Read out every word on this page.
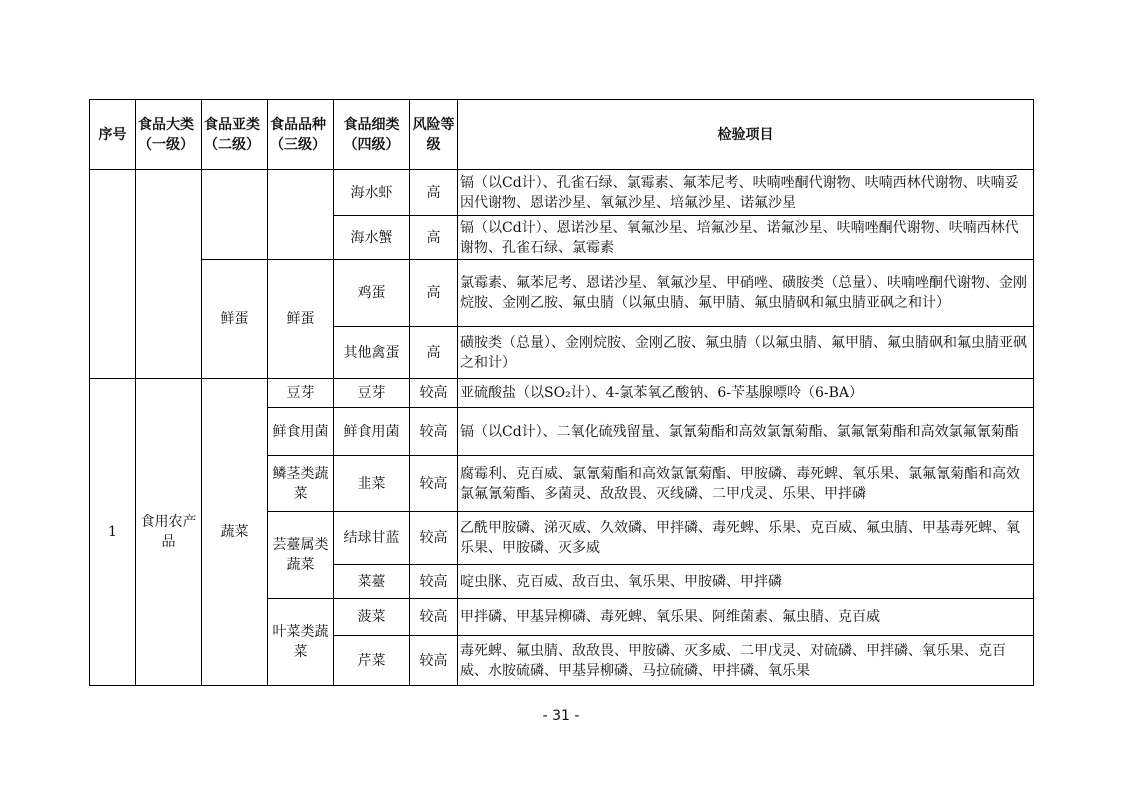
序号	食品大类（一级）	食品亚类（二级）	食品品种（三级）	食品细类（四级）	风险等级	检验项目
				海水虾	高	镉（以Cd计）、孔雀石绿、氯霉素、氟苯尼考、呋喃唑酮代谢物、呋喃西林代谢物、呋喃妥因代谢物、恩诺沙星、氧氟沙星、培氟沙星、诺氟沙星
				海水蟹	高	镉（以Cd计）、恩诺沙星、氧氟沙星、培氟沙星、诺氟沙星、呋喃唑酮代谢物、呋喃西林代谢物、孔雀石绿、氯霉素
		鲜蛋	鲜蛋	鸡蛋	高	氯霉素、氟苯尼考、恩诺沙星、氧氟沙星、甲硝唑、磺胺类（总量）、呋喃唑酮代谢物、金刚烷胺、金刚乙胺、氟虫腈（以氟虫腈、氟甲腈、氟虫腈砜和氟虫腈亚砜之和计）
				其他禽蛋	高	磺胺类（总量）、金刚烷胺、金刚乙胺、氟虫腈（以氟虫腈、氟甲腈、氟虫腈砜和氟虫腈亚砜之和计）
1	食用农产品	蔬菜	豆芽	豆芽	较高	亚硫酸盐（以SO₂计）、4-氯苯氧乙酸钠、6-苄基腺嘌呤（6-BA）
			鲜食用菌	鲜食用菌	较高	镉（以Cd计）、二氧化硫残留量、氯氰菊酯和高效氯氰菊酯、氯氟氰菊酯和高效氯氟氰菊酯
			鳞茎类蔬菜	韭菜	较高	腐霉利、克百威、氯氰菊酯和高效氯氰菊酯、甲胺磷、毒死蜱、氧乐果、氯氟氰菊酯和高效氯氟氰菊酯、多菌灵、敌敌畏、灭线磷、二甲戊灵、乐果、甲拌磷
			芸薹属类蔬菜	结球甘蓝	较高	乙酰甲胺磷、涕灭威、久效磷、甲拌磷、毒死蜱、乐果、克百威、氟虫腈、甲基毒死蜱、氧乐果、甲胺磷、灭多威
				菜薹	较高	啶虫脒、克百威、敌百虫、氧乐果、甲胺磷、甲拌磷
			叶菜类蔬菜	菠菜	较高	甲拌磷、甲基异柳磷、毒死蜱、氧乐果、阿维菌素、氟虫腈、克百威
				芹菜	较高	毒死蜱、氟虫腈、敌敌畏、甲胺磷、灭多威、二甲戊灵、对硫磷、甲拌磷、氧乐果、克百威、水胺硫磷、甲基异柳磷、马拉硫磷、甲拌磷、氧乐果
- 31 -
